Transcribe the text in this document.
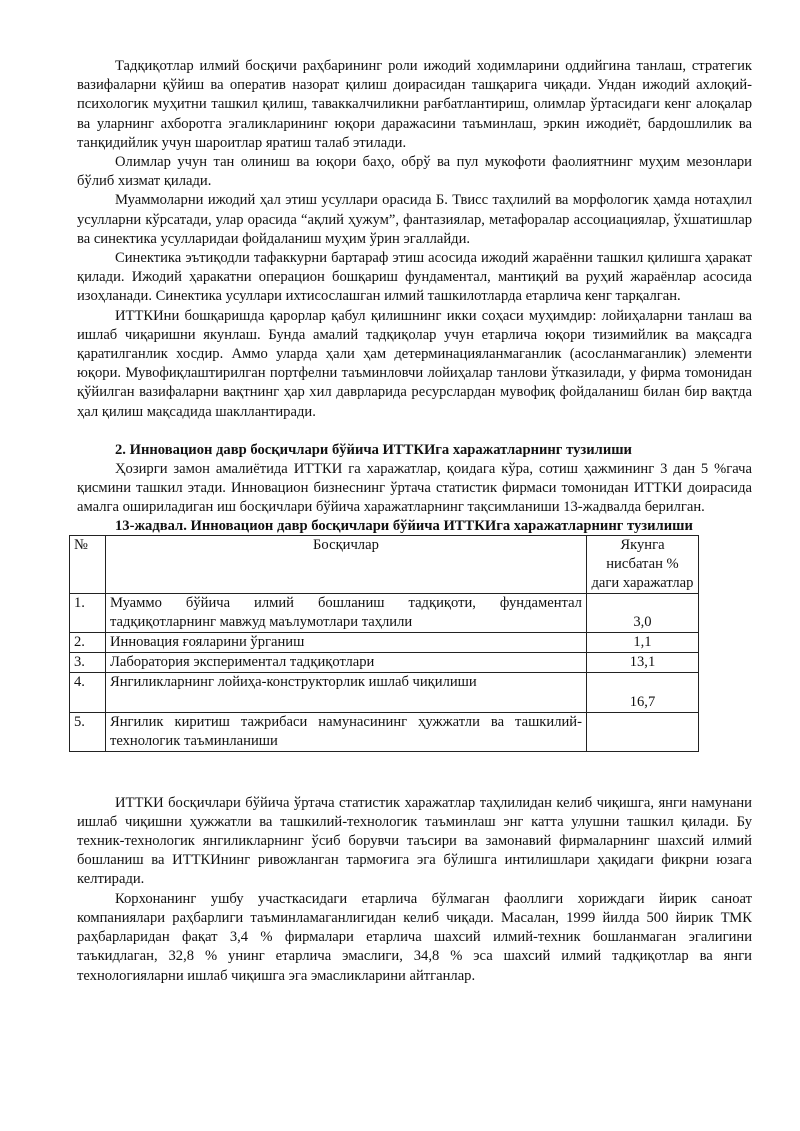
Тадқиқотлар илмий босқичи раҳбарининг роли ижодий ходимларини оддийгина танлаш, стратегик вазифаларни қўйиш ва оператив назорат қилиш доирасидан ташқарига чиқади. Ундан ижодий ахлоқий-психологик муҳитни ташкил қилиш, таваккалчиликни рағбатлантириш, олимлар ўртасидаги кенг алоқалар ва уларнинг ахборотга эгаликларининг юқори даражасини таъминлаш, эркин ижодиёт, бардошлилик ва танқидийлик учун шароитлар яратиш талаб этилади.

Олимлар учун тан олиниш ва юқори баҳо, обрў ва пул мукофоти фаолиятнинг муҳим мезонлари бўлиб хизмат қилади.

Муаммоларни ижодий ҳал этиш усуллари орасида Б. Твисс таҳлилий ва морфологик ҳамда нотаҳлил усулларни кўрсатади, улар орасида “ақлий ҳужум”, фантазиялар, метафоралар ассоциациялар, ўхшатишлар ва синектика усулларидаи фойдаланиш муҳим ўрин эгаллайди.

Синектика эътиқодли тафаккурни бартараф этиш асосида ижодий жараённи ташкил қилишга ҳаракат қилади. Ижодий ҳаракатни операцион бошқариш фундаментал, мантиқий ва руҳий жараёнлар асосида изоҳланади. Синектика усуллари ихтисослашган илмий ташкилотларда етарлича кенг тарқалган.

ИТТКИни бошқаришда қарорлар қабул қилишнинг икки соҳаси муҳимдир: лойиҳаларни танлаш ва ишлаб чиқаришни якунлаш. Бунда амалий тадқиқолар учун етарлича юқори тизимийлик ва мақсадга қаратилганлик хосдир. Аммо уларда ҳали ҳам детерминацияланмаганлик (асосланмаганлик) элементи юқори. Мувофиқлаштирилган портфелни таъминловчи лойиҳалар танлови ўтказилади, у фирма томонидан қўйилган вазифаларни вақтнинг ҳар хил даврларида ресурслардан мувофиқ фойдаланиш билан бир вақтда ҳал қилиш мақсадида шакллантиради.

2. Инновацион давр босқичлари бўйича ИТТКИга харажатларнинг тузилиши

Ҳозирги замон амалиётида ИТТКИ га харажатлар, қоидага кўра, сотиш ҳажмининг 3 дан 5 %гача қисмини ташкил этади. Инновацион бизнеснинг ўртача статистик фирмаси томонидан ИТТКИ доирасида амалга ошириладиган иш босқичлари бўйича харажатларнинг тақсимланиши 13-жадвалда берилган.

13-жадвал. Инновацион давр босқичлари бўйича ИТТКИга харажатларнинг тузилиши
№	Босқичлар	Якунга нисбатан % даги харажатлар
1.	Муаммо бўйича илмий бошланиш тадқиқоти, фундаментал тадқиқотларнинг мавжуд маълумотлари таҳлили	3,0
2.	Инновация ғояларини ўрганиш	1,1
3.	Лаборатория экспериментал тадқиқотлари	13,1
4.	Янгиликларнинг лойиҳа-конструкторлик ишлаб чиқилиши	16,7
5.	Янгилик киритиш тажрибаси намунасининг ҳужжатли ва ташкилий-технологик таъминланиши	

ИТТКИ босқичлари бўйича ўртача статистик харажатлар таҳлилидан келиб чиқишга, янги намунани ишлаб чиқишни ҳужжатли ва ташкилий-технологик таъминлаш энг катта улушни ташкил қилади. Бу техник-технологик янгиликларнинг ўсиб борувчи таъсири ва замонавий фирмаларнинг шахсий илмий бошланиш ва ИТТКИнинг ривожланган тармоғига эга бўлишга интилишлари ҳақидаги фикрни юзага келтиради.

Корхонанинг ушбу участкасидаги етарлича бўлмаган фаоллиги хориждаги йирик саноат компаниялари раҳбарлиги таъминламаганлигидан келиб чиқади. Масалан, 1999 йилда 500 йирик ТМК раҳбарларидан фақат 3,4 % фирмалари етарлича шахсий илмий-техник бошланмаган эгалигини таъкидлаган, 32,8 % унинг етарлича эмаслиги, 34,8 % эса шахсий илмий тадқиқотлар ва янги технологияларни ишлаб чиқишга эга эмасликларини айтганлар.
